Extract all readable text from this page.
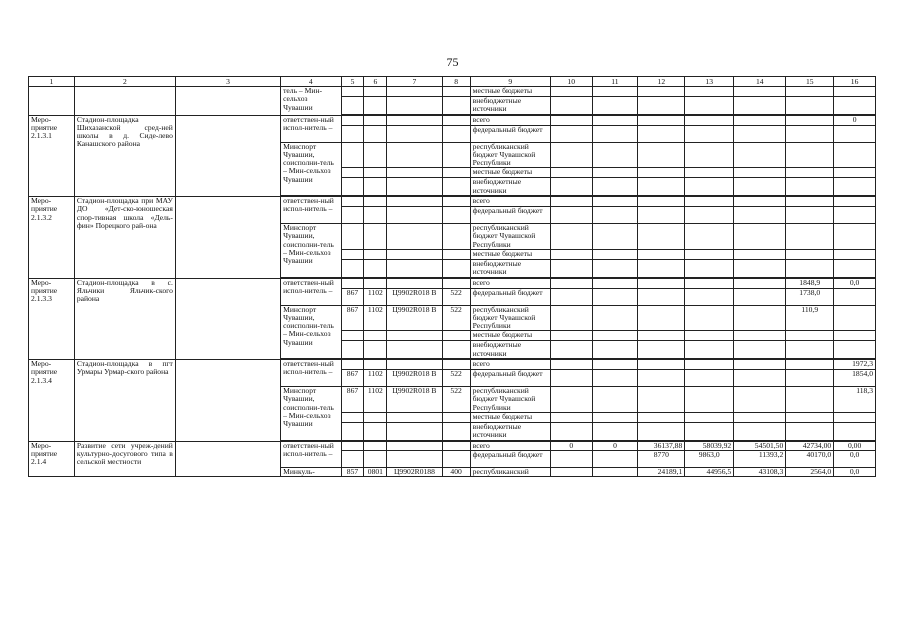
75
1	2	3	4	5	6	7	8	9	10	11	12	13	14	15	16
			тель – Мин-сельхоз Чувашии					местные бюджеты							
								внебюджетные источники							

Меро-приятие 2.1.3.1	Стадион-площадка Шихазанской сред-ней школы в д. Сиде-лево Канашского района		ответствен-ный испол-нитель –					всего							0
								федеральный бюджет							
			Минспорт Чувашии, соисполни-тель – Мин-сельхоз Чувашии					республиканский бюджет Чувашской Республики							
								местные бюджеты							
								внебюджетные источники							

Меро-приятие 2.1.3.2	Стадион-площадка при МАУ ДО «Дет-ско-юношеская спор-тивная школа «Дель-фин» Порецкого рай-она		ответствен-ный испол-нитель –					всего							
								федеральный бюджет							
			Минспорт Чувашии, соисполни-тель – Мин-сельхоз Чувашии					республиканский бюджет Чувашской Республики							
								местные бюджеты							
								внебюджетные источники							

Меро-приятие 2.1.3.3	Стадион-площадка в с. Яльчики Яльчик-ского района		ответствен-ный испол-нитель –					всего						1848,9	0,0
				867	1102	Ц9902R018 В	522	федеральный бюджет						1738,0	
			Минспорт Чувашии, соисполни-тель – Мин-сельхоз Чувашии	867	1102	Ц9902R018 В	522	республиканский бюджет Чувашской Республики						110,9	
								местные бюджеты							
								внебюджетные источники							

Меро-приятие 2.1.3.4	Стадион-площадка в пгт Урмары Урмар-ского района		ответствен-ный испол-нитель –					всего							1972,3
				867	1102	Ц9902R018 В	522	федеральный бюджет							1854,0
			Минспорт Чувашии, соисполни-тель – Мин-сельхоз Чувашии	867	1102	Ц9902R018 В	522	республиканский бюджет Чувашской Республики							118,3
								местные бюджеты							
								внебюджетные источники							

Меро-приятие 2.1.4	Развитие сети учреж-дений культурно-досугового типа в сельской местности		ответствен-ный испол-нитель –					всего	0	0	36137,88	58039,92	54501,50	42734,00	0,00
								федеральный бюджет			8770	9863,0	11393,2	40170,0	0,0
			Минкуль-	857	0801	Ц9902R0188	400	республиканский			24189,1	44956,5	43108,3	2564,0	0,0
